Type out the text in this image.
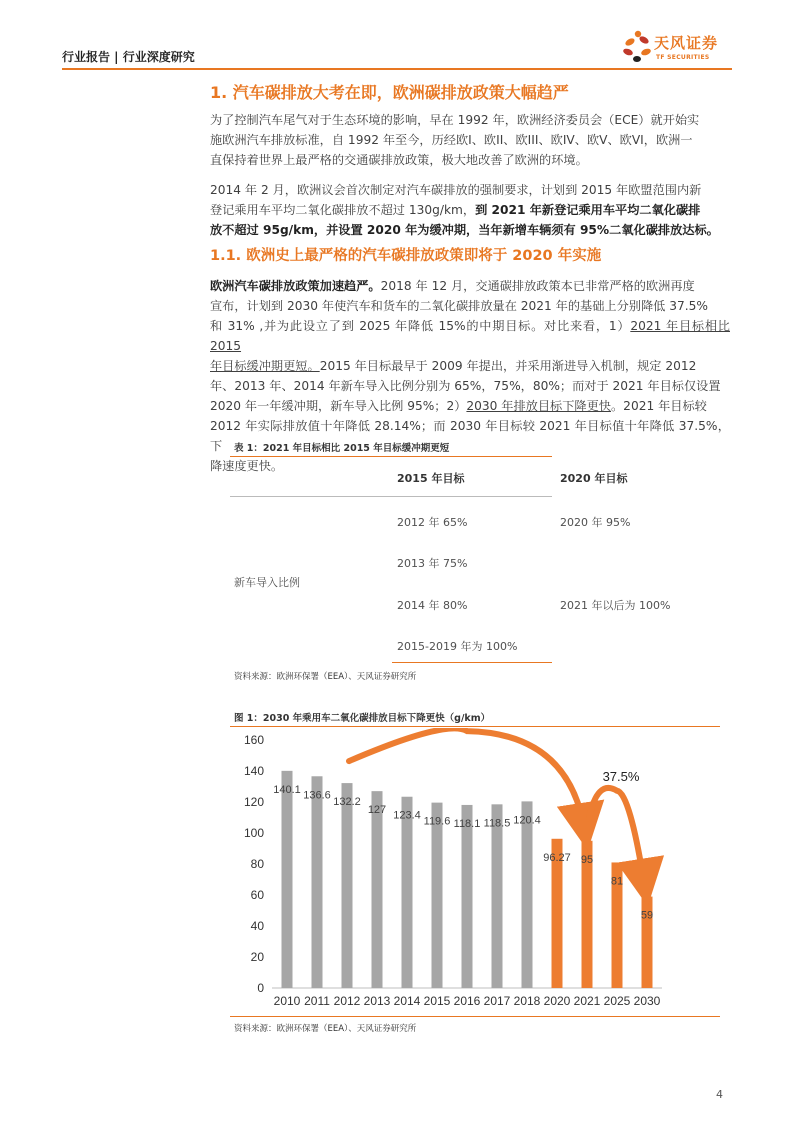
行业报告 | 行业深度研究
天风证券
TF SECURITIES
1. 汽车碳排放大考在即，欧洲碳排放政策大幅趋严
为了控制汽车尾气对于生态环境的影响，早在 1992 年，欧洲经济委员会（ECE）就开始实
施欧洲汽车排放标准，自 1992 年至今，历经欧I、欧II、欧III、欧IV、欧V、欧VI，欧洲一
直保持着世界上最严格的交通碳排放政策，极大地改善了欧洲的环境。
2014 年 2 月，欧洲议会首次制定对汽车碳排放的强制要求，计划到 2015 年欧盟范围内新
登记乘用车平均二氧化碳排放不超过 130g/km，到 2021 年新登记乘用车平均二氧化碳排
放不超过 95g/km，并设置 2020 年为缓冲期，当年新增车辆须有 95%二氧化碳排放达标。
1.1. 欧洲史上最严格的汽车碳排放政策即将于 2020 年实施
欧洲汽车碳排放政策加速趋严。2018 年 12 月，交通碳排放政策本已非常严格的欧洲再度
宣布，计划到 2030 年使汽车和货车的二氧化碳排放量在 2021 年的基础上分别降低 37.5%
和 31% ,并为此设立了到 2025 年降低 15%的中期目标。对比来看，1）2021 年目标相比 2015
年目标缓冲期更短。2015 年目标最早于 2009 年提出，并采用渐进导入机制，规定 2012
年、2013 年、2014 年新车导入比例分别为 65%，75%，80%；而对于 2021 年目标仅设置
2020 年一年缓冲期，新车导入比例 95%；2）2030 年排放目标下降更快。2021 年目标较
2012 年实际排放值十年降低 28.14%；而 2030 年目标较 2021 年目标值十年降低 37.5%，下
降速度更快。
表 1：2021 年目标相比 2015 年目标缓冲期更短
2015 年目标	2020 年目标
新车导入比例
2012 年 65%
2013 年 75%
2014 年 80%
2015-2019 年为 100%
2020 年 95%
2021 年以后为 100%
资料来源：欧洲环保署（EEA）、天风证券研究所
图 1：2030 年乘用车二氧化碳排放目标下降更快（g/km）
0
20
40
60
80
100
120
140
160
140.1
2010
136.6
2011
132.2
2012
127
2013
123.4
2014
119.6
2015
118.1
2016
118.5
2017
120.4
2018
96.27
2020
95
2021
81
2025
59
2030
37.5%
资料来源：欧洲环保署（EEA）、天风证券研究所
4
